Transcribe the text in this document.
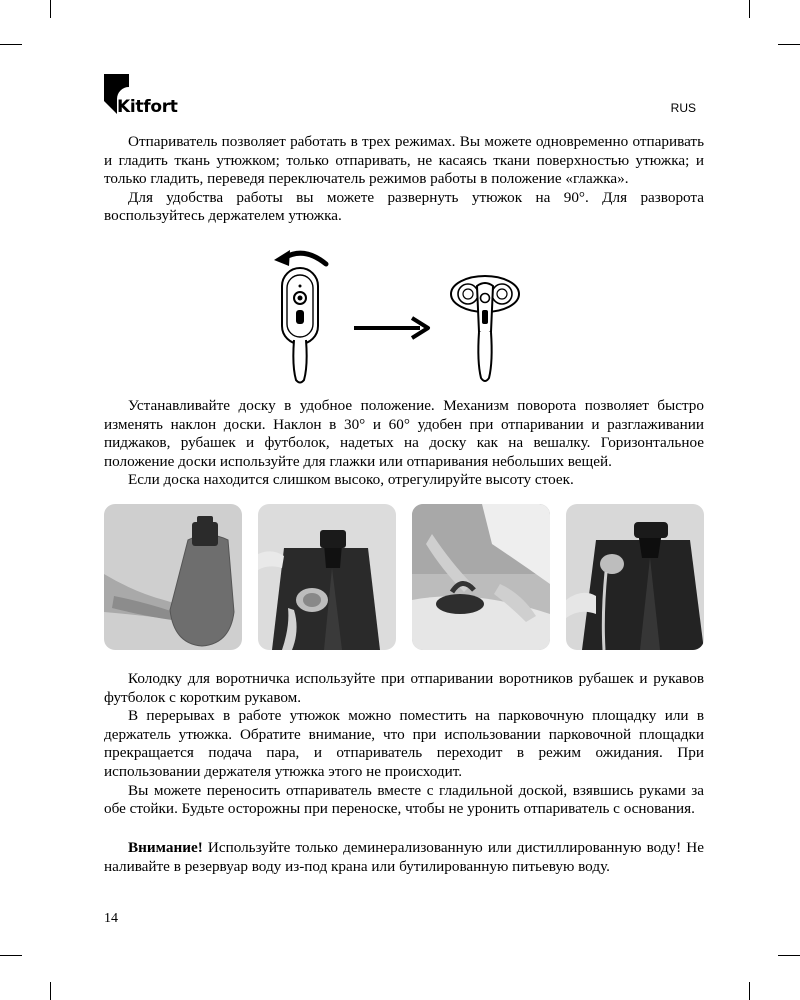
Kitfort	RUS

Отпариватель позволяет работать в трех режимах. Вы можете одновременно отпаривать и гладить ткань утюжком; только отпаривать, не касаясь ткани поверхностью утюжка; и только гладить, переведя переключатель режимов работы в положение «глажка».

Для удобства работы вы можете развернуть утюжок на 90°. Для разворота воспользуйтесь держателем утюжка.

Устанавливайте доску в удобное положение. Механизм поворота позволяет быстро изменять наклон доски. Наклон в 30° и 60° удобен при отпаривании и разглаживании пиджаков, рубашек и футболок, надетых на доску как на вешалку. Горизонтальное положение доски используйте для глажки или отпаривания небольших вещей.

Если доска находится слишком высоко, отрегулируйте высоту стоек.

Колодку для воротничка используйте при отпаривании воротников рубашек и рукавов футболок с коротким рукавом.

В перерывах в работе утюжок можно поместить на парковочную площадку или в держатель утюжка. Обратите внимание, что при использовании парковочной площадки прекращается подача пара, и отпариватель переходит в режим ожидания. При использовании держателя утюжка этого не происходит.

Вы можете переносить отпариватель вместе с гладильной доской, взявшись руками за обе стойки. Будьте осторожны при переноске, чтобы не уронить отпариватель с основания.

Внимание! Используйте только деминерализованную или дистиллированную воду! Не наливайте в резервуар воду из-под крана или бутилированную питьевую воду.

14
